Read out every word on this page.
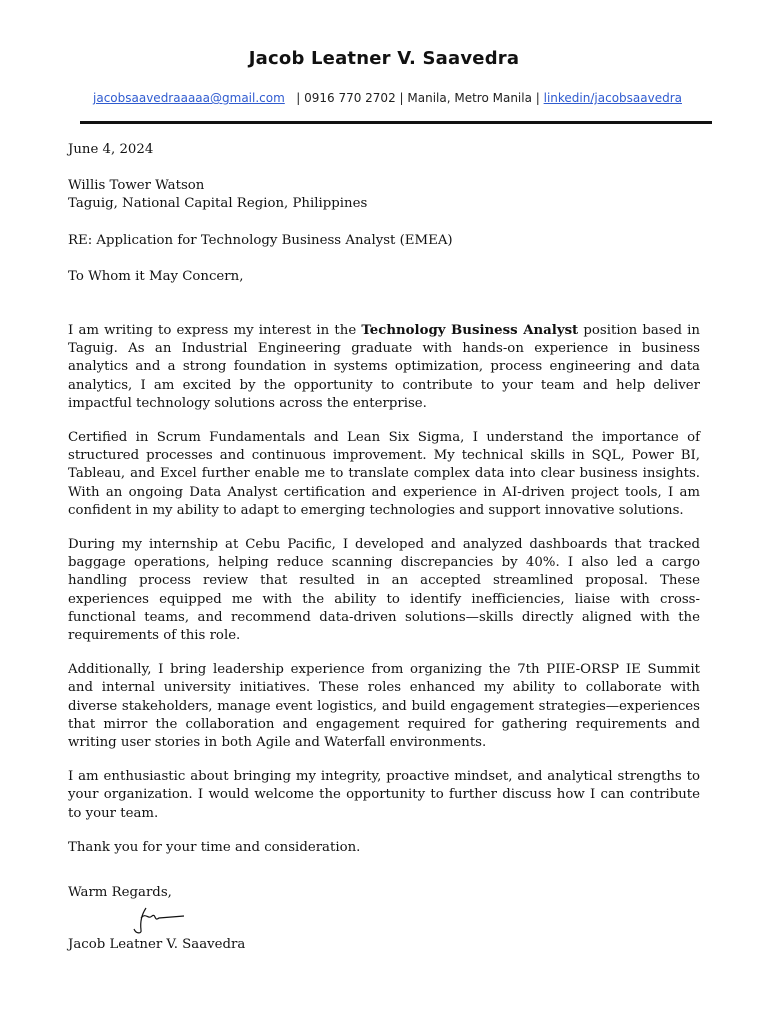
Jacob Leatner V. Saavedra
jacobsaavedraaaaa@gmail.com | 0916 770 2702 | Manila, Metro Manila | linkedin/jacobsaavedra

June 4, 2024

Willis Tower Watson

Taguig, National Capital Region, Philippines

RE: Application for Technology Business Analyst (EMEA)

To Whom it May Concern,

I am writing to express my interest in the Technology Business Analyst position based in Taguig. As an Industrial Engineering graduate with hands-on experience in business analytics and a strong foundation in systems optimization, process engineering and data analytics, I am excited by the opportunity to contribute to your team and help deliver impactful technology solutions across the enterprise.

Certified in Scrum Fundamentals and Lean Six Sigma, I understand the importance of structured processes and continuous improvement. My technical skills in SQL, Power BI, Tableau, and Excel further enable me to translate complex data into clear business insights. With an ongoing Data Analyst certification and experience in AI-driven project tools, I am confident in my ability to adapt to emerging technologies and support innovative solutions.

During my internship at Cebu Pacific, I developed and analyzed dashboards that tracked baggage operations, helping reduce scanning discrepancies by 40%. I also led a cargo handling process review that resulted in an accepted streamlined proposal. These experiences equipped me with the ability to identify inefficiencies, liaise with cross-functional teams, and recommend data-driven solutions—skills directly aligned with the requirements of this role.

Additionally, I bring leadership experience from organizing the 7th PIIE-ORSP IE Summit and internal university initiatives. These roles enhanced my ability to collaborate with diverse stakeholders, manage event logistics, and build engagement strategies—experiences that mirror the collaboration and engagement required for gathering requirements and writing user stories in both Agile and Waterfall environments.

I am enthusiastic about bringing my integrity, proactive mindset, and analytical strengths to your organization. I would welcome the opportunity to further discuss how I can contribute to your team.

Thank you for your time and consideration.

Warm Regards,

Jacob Leatner V. Saavedra
